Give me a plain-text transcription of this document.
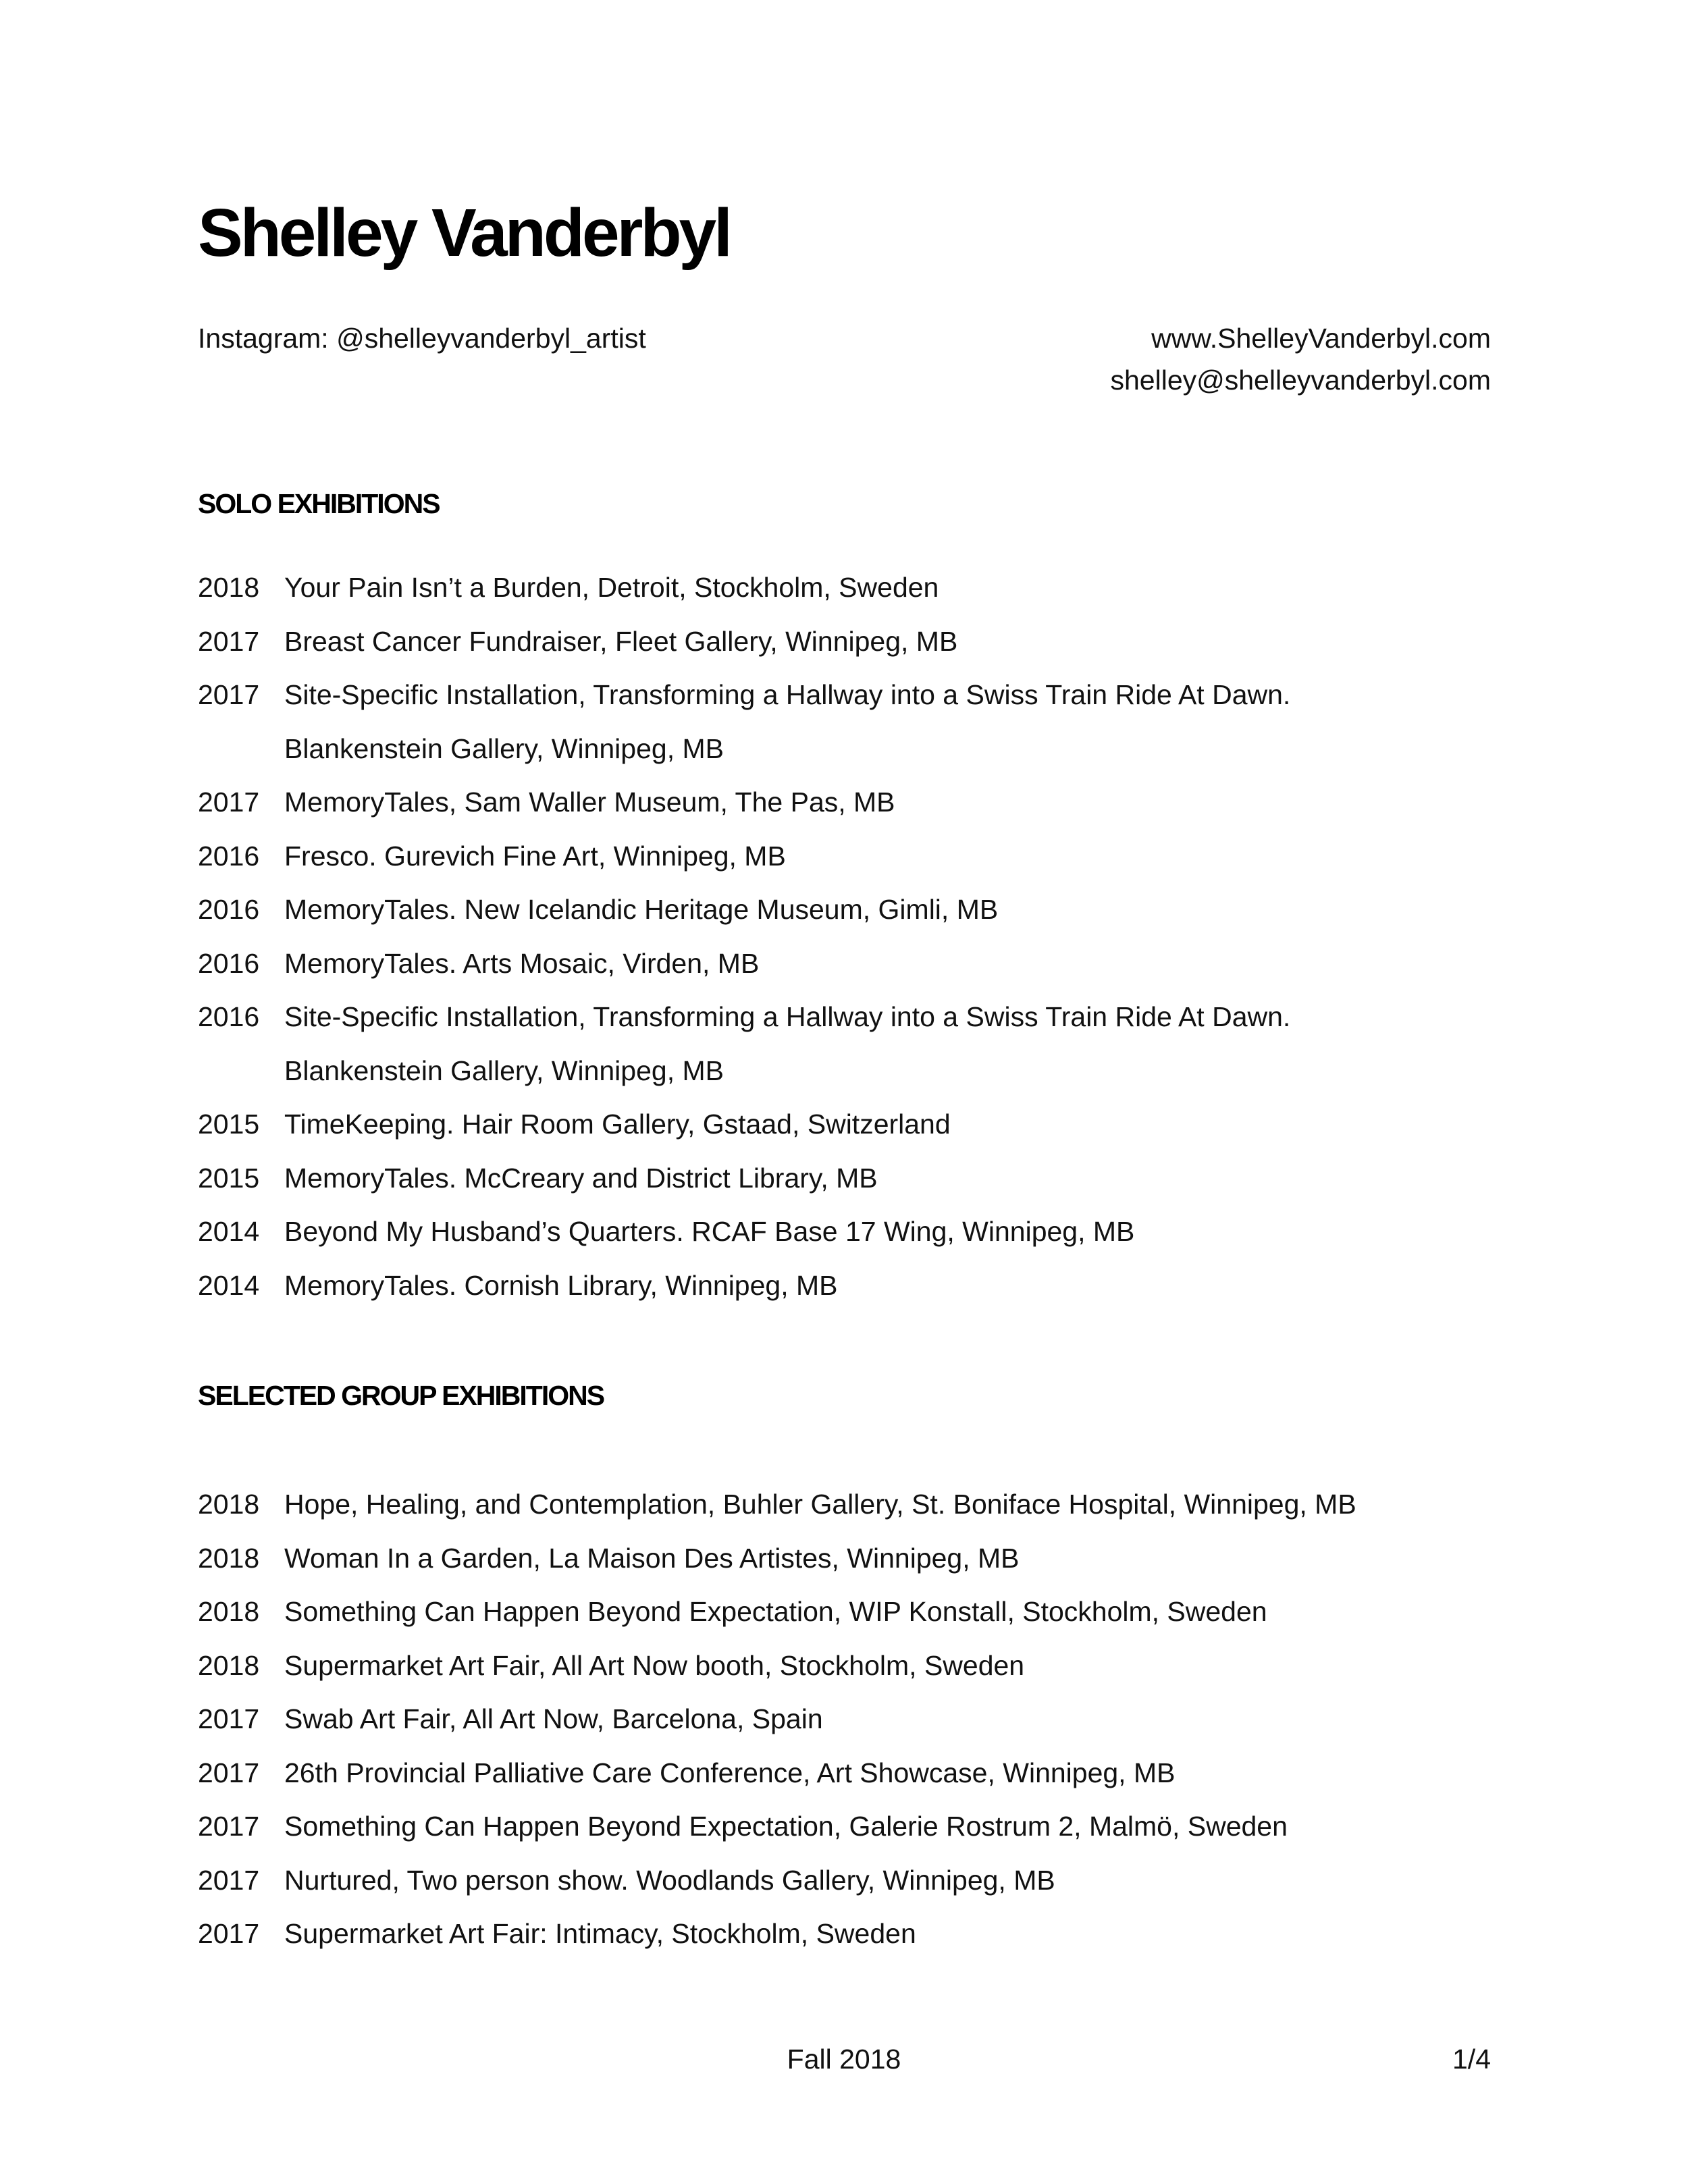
Shelley Vanderbyl
Instagram: @shelleyvanderbyl_artist	www.ShelleyVanderbyl.com
shelley@shelleyvanderbyl.com
SOLO EXHIBITIONS
2018 Your Pain Isn’t a Burden, Detroit, Stockholm, Sweden
2017 Breast Cancer Fundraiser, Fleet Gallery, Winnipeg, MB
2017 Site-Specific Installation, Transforming a Hallway into a Swiss Train Ride At Dawn.
Blankenstein Gallery, Winnipeg, MB
2017 MemoryTales, Sam Waller Museum, The Pas, MB
2016 Fresco. Gurevich Fine Art, Winnipeg, MB
2016 MemoryTales. New Icelandic Heritage Museum, Gimli, MB
2016 MemoryTales. Arts Mosaic, Virden, MB
2016 Site-Specific Installation, Transforming a Hallway into a Swiss Train Ride At Dawn.
Blankenstein Gallery, Winnipeg, MB
2015 TimeKeeping. Hair Room Gallery, Gstaad, Switzerland
2015 MemoryTales. McCreary and District Library, MB
2014 Beyond My Husband’s Quarters. RCAF Base 17 Wing, Winnipeg, MB
2014 MemoryTales. Cornish Library, Winnipeg, MB
SELECTED GROUP EXHIBITIONS
2018 Hope, Healing, and Contemplation, Buhler Gallery, St. Boniface Hospital, Winnipeg, MB
2018 Woman In a Garden, La Maison Des Artistes, Winnipeg, MB
2018 Something Can Happen Beyond Expectation, WIP Konstall, Stockholm, Sweden
2018 Supermarket Art Fair, All Art Now booth, Stockholm, Sweden
2017 Swab Art Fair, All Art Now, Barcelona, Spain
2017 26th Provincial Palliative Care Conference, Art Showcase, Winnipeg, MB
2017 Something Can Happen Beyond Expectation, Galerie Rostrum 2, Malmö, Sweden
2017 Nurtured, Two person show. Woodlands Gallery, Winnipeg, MB
2017 Supermarket Art Fair: Intimacy, Stockholm, Sweden
Fall 2018	1/4
